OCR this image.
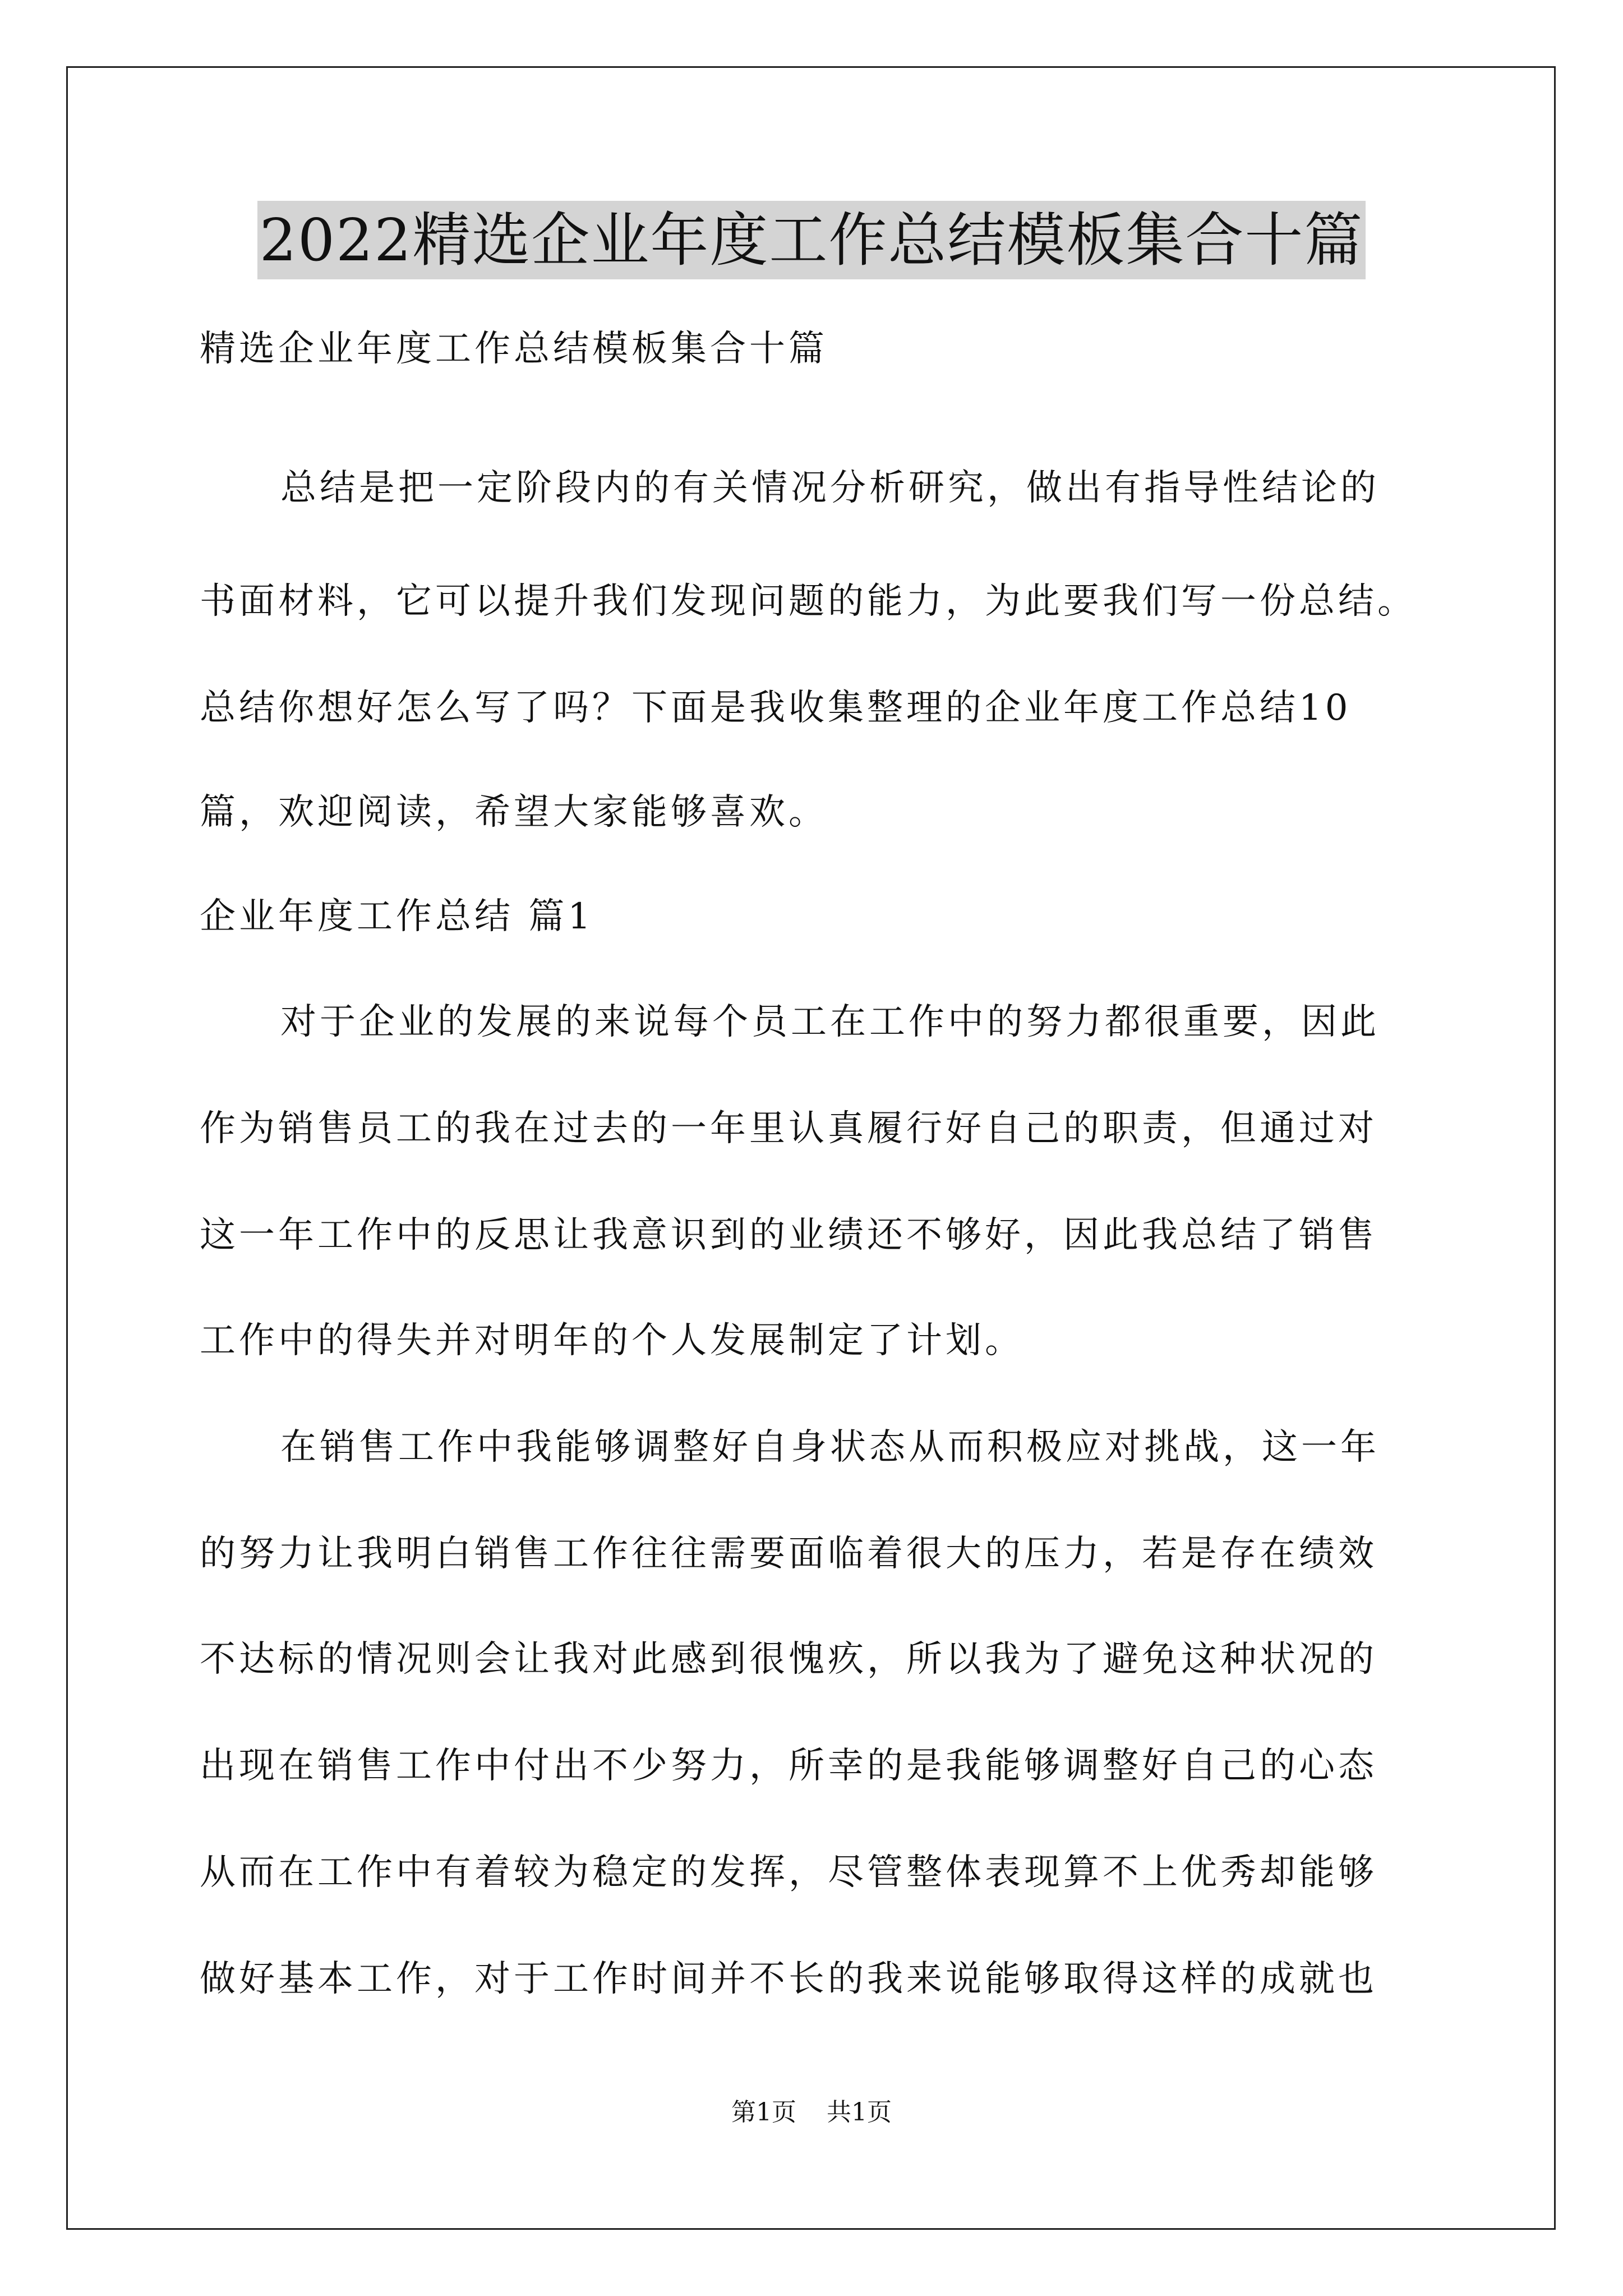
2022精选企业年度工作总结模板集合十篇
精选企业年度工作总结模板集合十篇
总结是把一定阶段内的有关情况分析研究，做出有指导性结论的
书面材料，它可以提升我们发现问题的能力，为此要我们写一份总结。
总结你想好怎么写了吗？下面是我收集整理的企业年度工作总结10
篇，欢迎阅读，希望大家能够喜欢。
企业年度工作总结 篇1
对于企业的发展的来说每个员工在工作中的努力都很重要，因此
作为销售员工的我在过去的一年里认真履行好自己的职责，但通过对
这一年工作中的反思让我意识到的业绩还不够好，因此我总结了销售
工作中的得失并对明年的个人发展制定了计划。
在销售工作中我能够调整好自身状态从而积极应对挑战，这一年
的努力让我明白销售工作往往需要面临着很大的压力，若是存在绩效
不达标的情况则会让我对此感到很愧疚，所以我为了避免这种状况的
出现在销售工作中付出不少努力，所幸的是我能够调整好自己的心态
从而在工作中有着较为稳定的发挥，尽管整体表现算不上优秀却能够
做好基本工作，对于工作时间并不长的我来说能够取得这样的成就也
第1页 共1页
